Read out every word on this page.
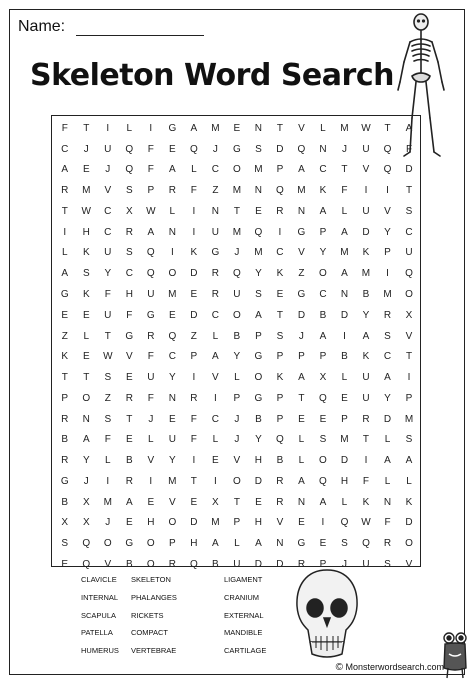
Name:
Skeleton Word Search
F	T	I	L	I	G	A	M	E	N	T	V	L	M	W	T	A
C	J	U	Q	F	E	Q	J	G	S	D	Q	N	J	U	Q	F
A	E	J	Q	F	A	L	C	O	M	P	A	C	T	V	Q	D
R	M	V	S	P	R	F	Z	M	N	Q	M	K	F	I	I	T
T	W	C	X	W	L	I	N	T	E	R	N	A	L	U	V	S
I	H	C	R	A	N	I	U	M	Q	I	G	P	A	D	Y	C
L	K	U	S	Q	I	K	G	J	M	C	V	Y	M	K	P	U
A	S	Y	C	Q	O	D	R	Q	Y	K	Z	O	A	M	I	Q
G	K	F	H	U	M	E	R	U	S	E	G	C	N	B	M	O
E	E	U	F	G	E	D	C	O	A	T	D	B	D	Y	R	X
Z	L	T	G	R	Q	Z	L	B	P	S	J	A	I	A	S	V
K	E	W	V	F	C	P	A	Y	G	P	P	P	B	K	C	T
T	T	S	E	U	Y	I	V	L	O	K	A	X	L	U	A	I
P	O	Z	R	F	N	R	I	P	G	P	T	Q	E	U	Y	P
R	N	S	T	J	E	F	C	J	B	P	E	E	P	R	D	M
B	A	F	E	L	U	F	L	J	Y	Q	L	S	M	T	L	S
R	Y	L	B	V	Y	I	E	V	H	B	L	O	D	I	A	A
G	J	I	R	I	M	T	I	O	D	R	A	Q	H	F	L	L
B	X	M	A	E	V	E	X	T	E	R	N	A	L	K	N	K
X	X	J	E	H	O	D	M	P	H	V	E	I	Q	W	F	D
S	Q	O	G	O	P	H	A	L	A	N	G	E	S	Q	R	O
E	Q	V	B	O	R	Q	B	U	D	D	R	P	J	U	S	V
CLAVICLE
INTERNAL
SCAPULA
PATELLA
HUMERUS
SKELETON
PHALANGES
RICKETS
COMPACT
VERTEBRAE
LIGAMENT
CRANIUM
EXTERNAL
MANDIBLE
CARTILAGE
© Monsterwordsearch.com
